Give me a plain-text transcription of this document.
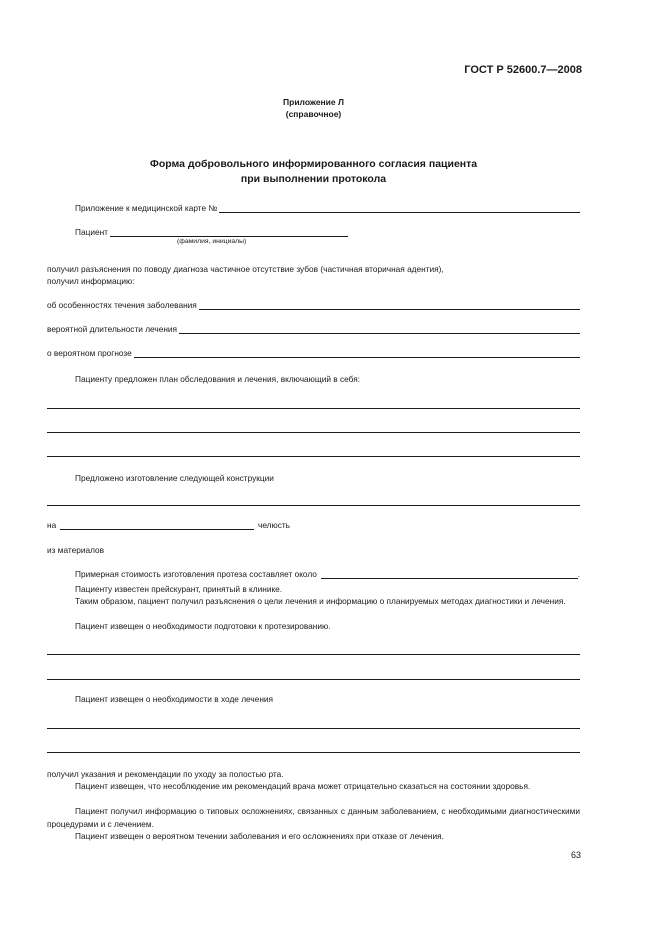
ГОСТ Р 52600.7—2008
Приложение Л
(справочное)
Форма добровольного информированного согласия пациента
при выполнении протокола
Приложение к медицинской карте №
Пациент
(фамилия, инициалы)
получил разъяснения по поводу диагноза частичное отсутствие зубов (частичная вторичная адентия),
получил информацию:
об особенностях течения заболевания
вероятной длительности лечения
о вероятном прогнозе
Пациенту предложен план обследования и лечения, включающий в себя:
Предложено изготовление следующей конструкции
на	челюсть
из материалов
Примерная стоимость изготовления протеза составляет около	.
Пациенту известен прейскурант, принятый в клинике.
Таким образом, пациент получил разъяснения о цели лечения и информацию о планируемых методах диагностики и лечения.
Пациент извещен о необходимости подготовки к протезированию.
Пациент извещен о необходимости в ходе лечения
получил указания и рекомендации по уходу за полостью рта.
Пациент извещен, что несоблюдение им рекомендаций врача может отрицательно сказаться на состоянии здоровья.
Пациент получил информацию о типовых осложнениях, связанных с данным заболеванием, с необходимыми диагностическими процедурами и с лечением.
Пациент извещен о вероятном течении заболевания и его осложнениях при отказе от лечения.
63
